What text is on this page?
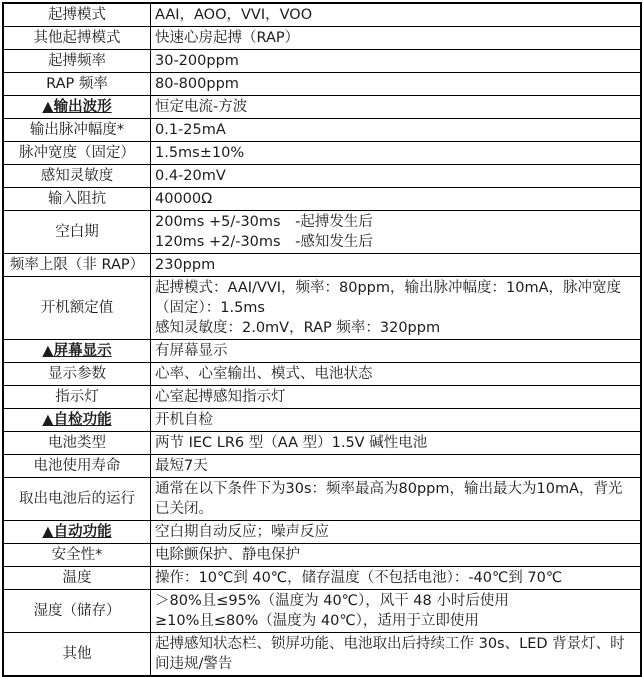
起搏模式	AAI，AOO，VVI，VOO

其他起搏模式	快速心房起搏（RAP）

起搏频率	30-200ppm

RAP 频率	80-800ppm

▲输出波形	恒定电流-方波

输出脉冲幅度*	0.1-25mA

脉冲宽度（固定）	1.5ms±10%

感知灵敏度	0.4-20mV

输入阻抗	40000Ω

空白期	200ms +5/-30ms　-起搏发生后
120ms +2/-30ms　-感知发生后

频率上限（非 RAP）	230ppm

开机额定值	起搏模式：AAI/VVI，频率：80ppm，输出脉冲幅度：10mA，脉冲宽度（固定）：1.5ms
感知灵敏度：2.0mV，RAP 频率：320ppm

▲屏幕显示	有屏幕显示

显示参数	心率、心室输出、模式、电池状态

指示灯	心室起搏感知指示灯

▲自检功能	开机自检

电池类型	两节 IEC LR6 型（AA 型）1.5V 碱性电池

电池使用寿命	最短7天

取出电池后的运行	通常在以下条件下为30s：频率最高为80ppm，输出最大为10mA，背光已关闭。

▲自动功能	空白期自动反应；噪声反应

安全性*	电除颤保护、静电保护

温度	操作：10℃到 40℃，储存温度（不包括电池）：-40℃到 70℃

湿度（储存）	＞80%且≤95%（温度为 40℃），风干 48 小时后使用
≥10%且≤80%（温度为 40℃），适用于立即使用

其他	起搏感知状态栏、锁屏功能、电池取出后持续工作 30s、LED 背景灯、时间违规/警告
